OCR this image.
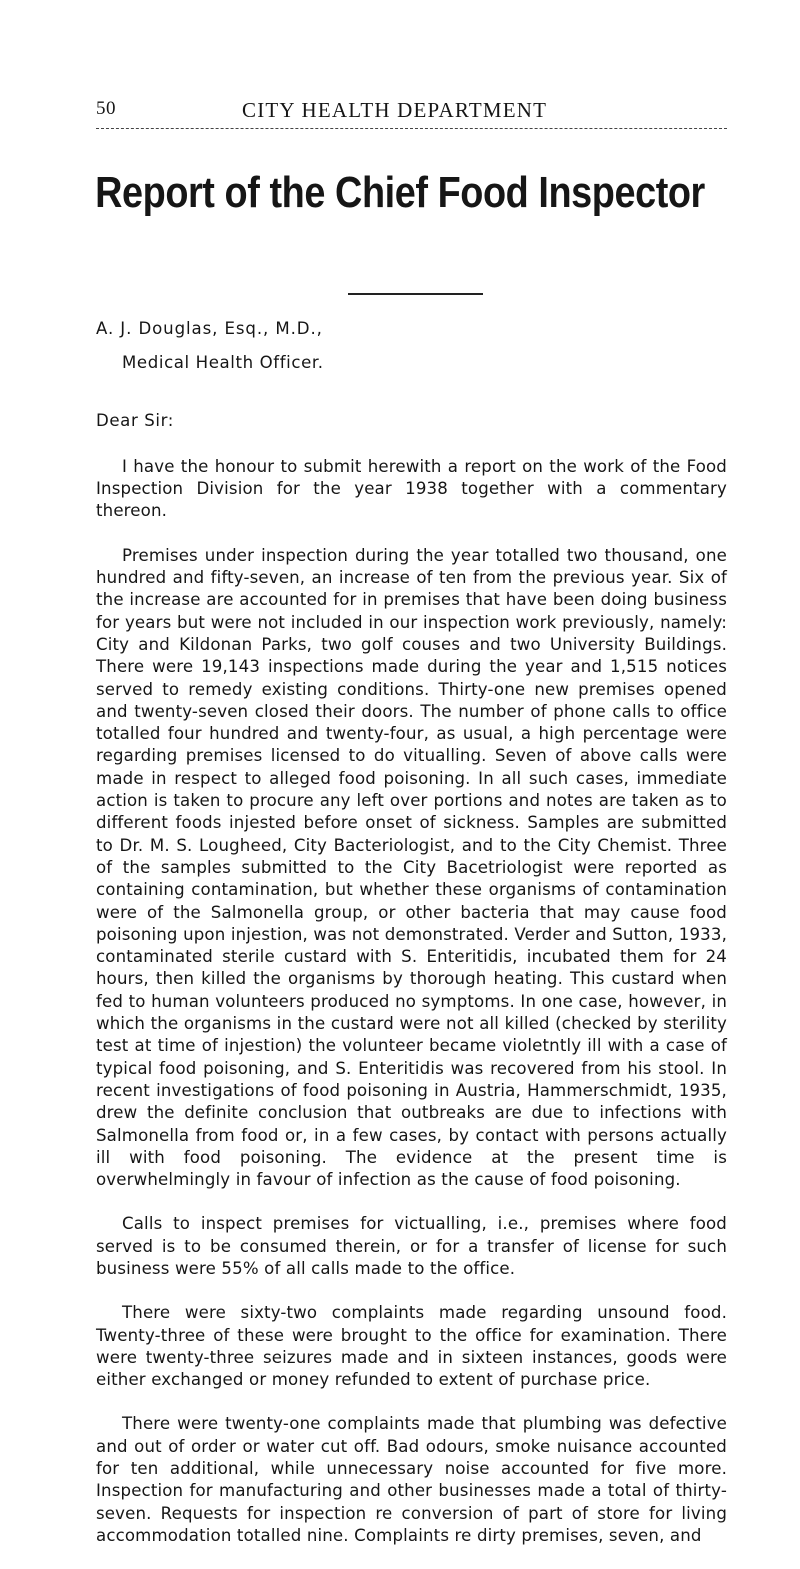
50	CITY HEALTH DEPARTMENT
Report of the Chief Food Inspector

A. J. Douglas, Esq., M.D.,

Medical Health Officer.

Dear Sir:

I have the honour to submit herewith a report on the work of the Food Inspection Division for the year 1938 together with a commentary thereon.

Premises under inspection during the year totalled two thousand, one hundred and fifty-seven, an increase of ten from the previous year. Six of the increase are accounted for in premises that have been doing business for years but were not included in our inspection work previously, namely: City and Kildonan Parks, two golf couses and two University Buildings. There were 19,143 inspections made during the year and 1,515 notices served to remedy existing conditions. Thirty-one new premises opened and twenty-seven closed their doors. The number of phone calls to office totalled four hundred and twenty-four, as usual, a high percentage were regarding premises licensed to do vitualling. Seven of above calls were made in respect to alleged food poisoning. In all such cases, immediate action is taken to procure any left over portions and notes are taken as to different foods injested before onset of sickness. Samples are submitted to Dr. M. S. Lougheed, City Bacteriologist, and to the City Chemist. Three of the samples submitted to the City Bacetriologist were reported as containing contamination, but whether these organisms of contamination were of the Salmonella group, or other bacteria that may cause food poisoning upon injestion, was not demonstrated. Verder and Sutton, 1933, contaminated sterile custard with S. Enteritidis, incubated them for 24 hours, then killed the organisms by thorough heating. This custard when fed to human volunteers produced no symptoms. In one case, however, in which the organisms in the custard were not all killed (checked by sterility test at time of injestion) the volunteer became violetntly ill with a case of typical food poisoning, and S. Enteritidis was recovered from his stool. In recent investigations of food poisoning in Austria, Hammerschmidt, 1935, drew the definite conclusion that outbreaks are due to infections with Salmonella from food or, in a few cases, by contact with persons actually ill with food poisoning. The evidence at the present time is overwhelmingly in favour of infection as the cause of food poisoning.

Calls to inspect premises for victualling, i.e., premises where food served is to be consumed therein, or for a transfer of license for such business were 55% of all calls made to the office.

There were sixty-two complaints made regarding unsound food. Twenty-three of these were brought to the office for examination. There were twenty-three seizures made and in sixteen instances, goods were either exchanged or money refunded to extent of purchase price.

There were twenty-one complaints made that plumbing was defective and out of order or water cut off. Bad odours, smoke nuisance accounted for ten additional, while unnecessary noise accounted for five more. Inspection for manufacturing and other businesses made a total of thirty-seven. Requests for inspection re conversion of part of store for living accommodation totalled nine. Complaints re dirty premises, seven, and
